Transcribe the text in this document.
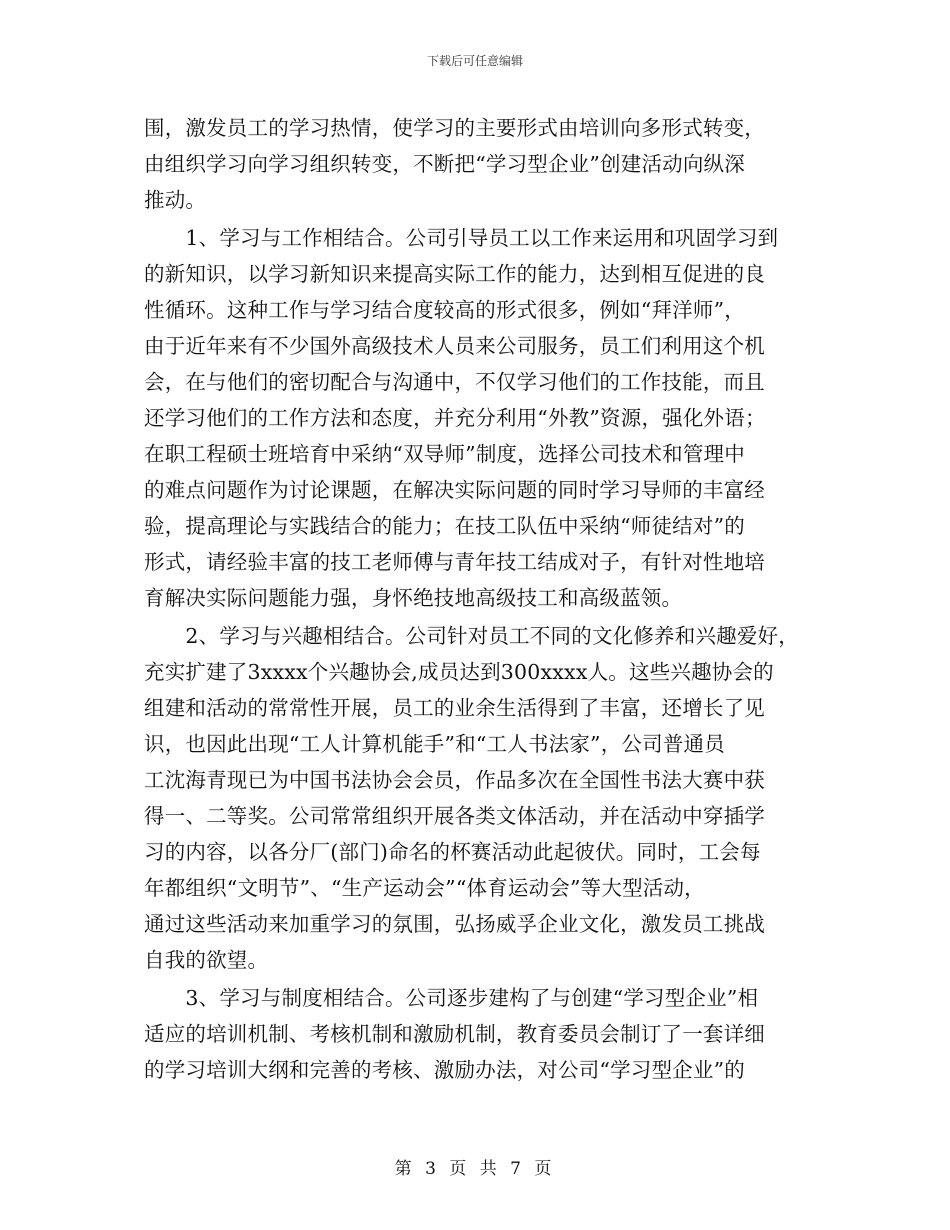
下载后可任意编辑
围，激发员工的学习热情，使学习的主要形式由培训向多形式转变，
由组织学习向学习组织转变，不断把“学习型企业”创建活动向纵深
推动。
　　1、学习与工作相结合。公司引导员工以工作来运用和巩固学习到
的新知识，以学习新知识来提高实际工作的能力，达到相互促进的良
性循环。这种工作与学习结合度较高的形式很多，例如“拜洋师”，
由于近年来有不少国外高级技术人员来公司服务，员工们利用这个机
会，在与他们的密切配合与沟通中，不仅学习他们的工作技能，而且
还学习他们的工作方法和态度，并充分利用“外教”资源，强化外语；
在职工程硕士班培育中采纳“双导师”制度，选择公司技术和管理中
的难点问题作为讨论课题，在解决实际问题的同时学习导师的丰富经
验，提高理论与实践结合的能力；在技工队伍中采纳“师徒结对”的
形式，请经验丰富的技工老师傅与青年技工结成对子，有针对性地培
育解决实际问题能力强，身怀绝技地高级技工和高级蓝领。
　　2、学习与兴趣相结合。公司针对员工不同的文化修养和兴趣爱好，
充实扩建了3xxxx个兴趣协会,成员达到300xxxx人。这些兴趣协会的
组建和活动的常常性开展，员工的业余生活得到了丰富，还增长了见
识，也因此出现“工人计算机能手”和“工人书法家”，公司普通员
工沈海青现已为中国书法协会会员，作品多次在全国性书法大赛中获
得一、二等奖。公司常常组织开展各类文体活动，并在活动中穿插学
习的内容，以各分厂(部门)命名的杯赛活动此起彼伏。同时，工会每
年都组织“文明节”、“生产运动会”“体育运动会”等大型活动，
通过这些活动来加重学习的氛围，弘扬威孚企业文化，激发员工挑战
自我的欲望。
　　3、学习与制度相结合。公司逐步建构了与创建“学习型企业”相
适应的培训机制、考核机制和激励机制，教育委员会制订了一套详细
的学习培训大纲和完善的考核、激励办法，对公司“学习型企业”的
第 3 页 共 7 页
